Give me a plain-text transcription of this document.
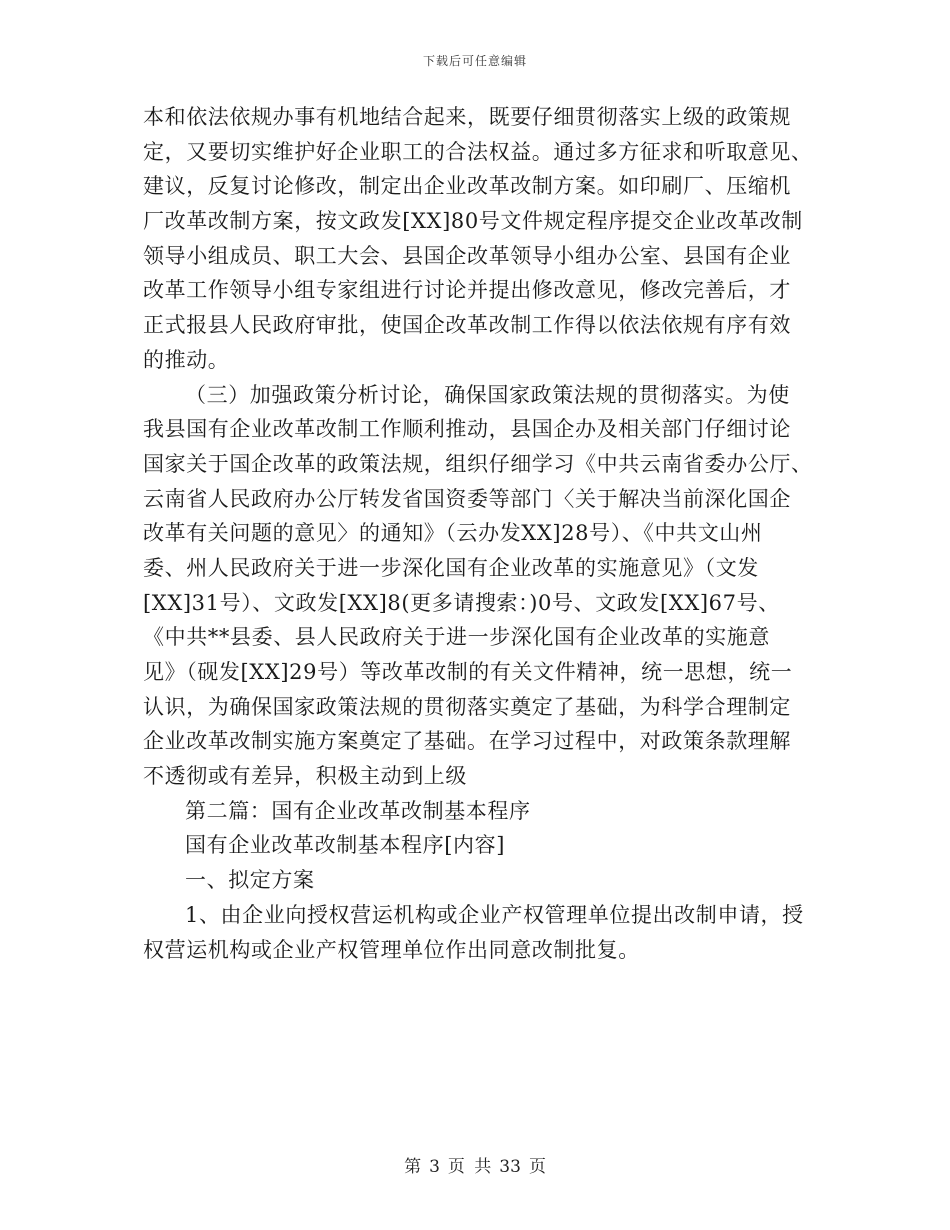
下载后可任意编辑
本和依法依规办事有机地结合起来，既要仔细贯彻落实上级的政策规
定，又要切实维护好企业职工的合法权益。通过多方征求和听取意见、
建议，反复讨论修改，制定出企业改革改制方案。如印刷厂、压缩机
厂改革改制方案，按文政发[XX]80号文件规定程序提交企业改革改制
领导小组成员、职工大会、县国企改革领导小组办公室、县国有企业
改革工作领导小组专家组进行讨论并提出修改意见，修改完善后，才
正式报县人民政府审批，使国企改革改制工作得以依法依规有序有效
的推动。
（三）加强政策分析讨论，确保国家政策法规的贯彻落实。为使
我县国有企业改革改制工作顺利推动，县国企办及相关部门仔细讨论
国家关于国企改革的政策法规，组织仔细学习《中共云南省委办公厅、
云南省人民政府办公厅转发省国资委等部门〈关于解决当前深化国企
改革有关问题的意见〉的通知》（云办发XX]28号）、《中共文山州
委、州人民政府关于进一步深化国有企业改革的实施意见》（文发
[XX]31号）、文政发[XX]8(更多请搜索：)0号、文政发[XX]67号、
《中共**县委、县人民政府关于进一步深化国有企业改革的实施意
见》（砚发[XX]29号）等改革改制的有关文件精神，统一思想，统一
认识，为确保国家政策法规的贯彻落实奠定了基础，为科学合理制定
企业改革改制实施方案奠定了基础。在学习过程中，对政策条款理解
不透彻或有差异，积极主动到上级
第二篇：国有企业改革改制基本程序
国有企业改革改制基本程序[内容]
一、拟定方案
1、由企业向授权营运机构或企业产权管理单位提出改制申请，授
权营运机构或企业产权管理单位作出同意改制批复。
第 3 页 共 33 页
